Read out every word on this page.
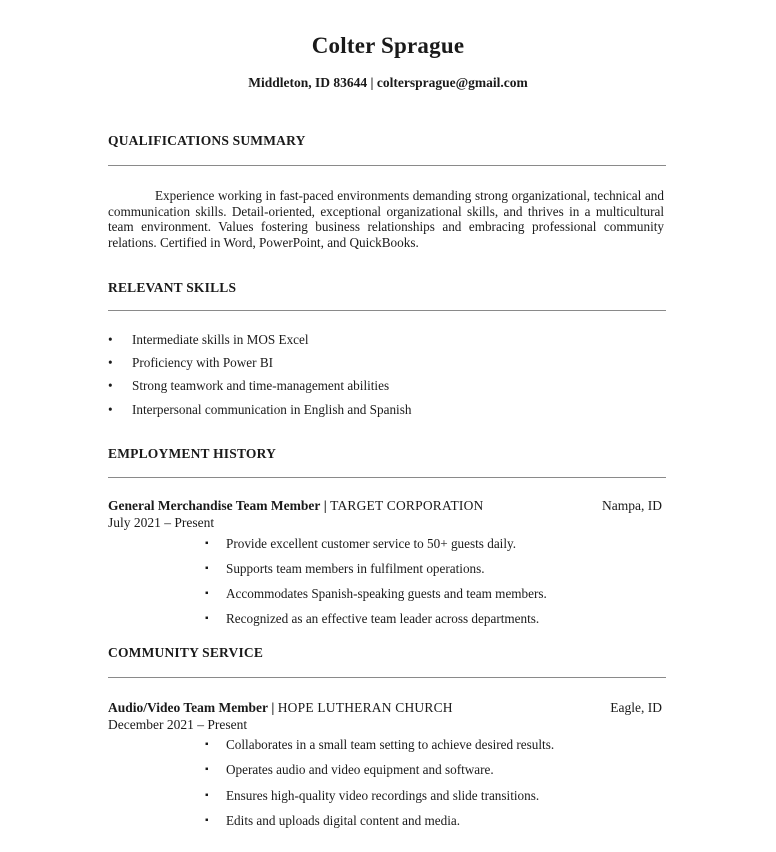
Colter Sprague
Middleton, ID 83644 | coltersprague@gmail.com
QUALIFICATIONS SUMMARY
Experience working in fast-paced environments demanding strong organizational, technical and communication skills. Detail-oriented, exceptional organizational skills, and thrives in a multicultural team environment. Values fostering business relationships and embracing professional community relations. Certified in Word, PowerPoint, and QuickBooks.
RELEVANT SKILLS
• Intermediate skills in MOS Excel
• Proficiency with Power BI
• Strong teamwork and time-management abilities
• Interpersonal communication in English and Spanish
EMPLOYMENT HISTORY
General Merchandise Team Member | TARGET CORPORATION	Nampa, ID
July 2021 – Present
▪ Provide excellent customer service to 50+ guests daily.
▪ Supports team members in fulfilment operations.
▪ Accommodates Spanish-speaking guests and team members.
▪ Recognized as an effective team leader across departments.
COMMUNITY SERVICE
Audio/Video Team Member | HOPE LUTHERAN CHURCH	Eagle, ID
December 2021 – Present
▪ Collaborates in a small team setting to achieve desired results.
▪ Operates audio and video equipment and software.
▪ Ensures high-quality video recordings and slide transitions.
▪ Edits and uploads digital content and media.
